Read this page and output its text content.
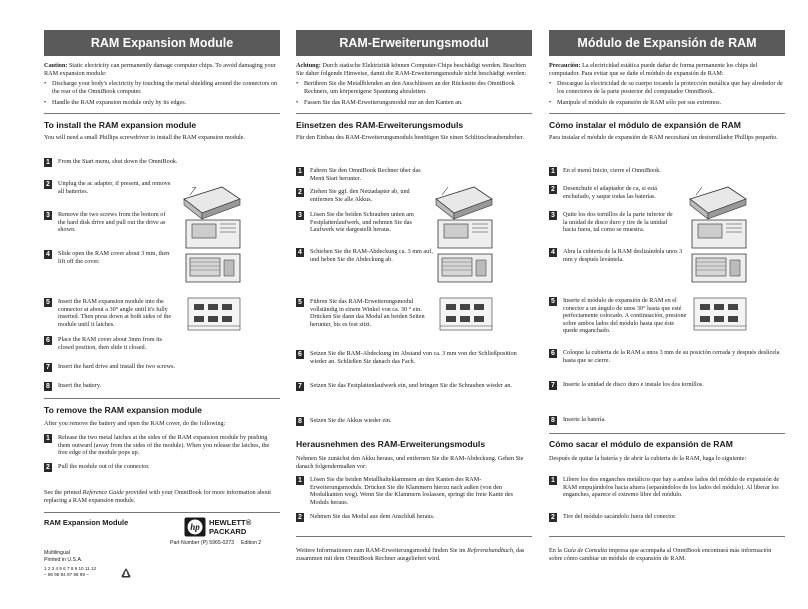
RAM Expansion Module
Caution: Static electricity can permanently damage computer chips. To avoid damaging your RAM expansion module:
• Discharge your body's electricity by touching the metal shielding around the connectors on the rear of the OmniBook computer.
• Handle the RAM expansion module only by its edges.
To install the RAM expansion module
You will need a small Phillips screwdriver to install the RAM expansion module.
1	From the Start menu, shut down the OmniBook.
2	Unplug the ac adapter, if present, and remove all batteries.
3	Remove the two screws from the bottom of the hard disk drive and pull out the drive as shown.
4	Slide open the RAM cover about 3 mm, then lift off the cover.
5	Insert the RAM expansion module into the connector at about a 30° angle until it's fully inserted. Then press down at both sides of the module until it latches.
6	Place the RAM cover about 3mm from its closed position, then slide it closed.
7	Insert the hard drive and install the two screws.
8	Insert the battery.
To remove the RAM expansion module
After you remove the battery and open the RAM cover, do the following:
1	Release the two metal latches at the sides of the RAM expansion module by pushing them outward (away from the sides of the module). When you release the latches, the free edge of the module pops up.
2	Pull the module out of the connector.
See the printed Reference Guide provided with your OmniBook for more information about replacing a RAM expansion module.
RAM-Erweiterungsmodul
Achtung: Durch statische Elektrizität können Computer-Chips beschädigt werden. Beachten Sie daher folgende Hinweise, damit die RAM-Erweiterungsmodule nicht beschädigt werden:
• Berühren Sie die Metallblenden an den Anschlüssen an der Rückseite des OmniBook Rechners, um körpereigene Spannung abzuleiten.
• Fassen Sie das RAM-Erweiterungsmodul nur an den Kanten an.
Einsetzen des RAM-Erweiterungsmoduls
Für den Einbau des RAM-Erweiterungsmoduls benötigen Sie einen Schlitzschraubendreher.
1	Fahren Sie den OmniBook Rechner über das Menü Start herunter.
2	Ziehen Sie ggf. den Netzadapter ab, und entfernen Sie alle Akkus.
3	Lösen Sie die beiden Schrauben unten am Festplattenlaufwerk, und nehmen Sie das Laufwerk wie dargestellt heraus.
4	Schieben Sie die RAM-Abdeckung ca. 3 mm auf, und heben Sie die Abdeckung ab.
5	Führen Sie das RAM-Erweiterungsmodul vollständig in einem Winkel von ca. 30 ° ein. Drücken Sie dann das Modul an beiden Seiten herunter, bis es fest sitzt.
6	Setzen Sie die RAM-Abdeckung im Abstand von ca. 3 mm von der Schließposition wieder an. Schließen Sie danach das Fach.
7	Setzen Sie das Festplattenlaufwerk ein, und bringen Sie die Schrauben wieder an.
8	Setzen Sie die Akkus wieder ein.
Herausnehmen des RAM-Erweiterungsmoduls
Nehmen Sie zunächst den Akku heraus, und entfernen Sie die RAM-Abdeckung. Gehen Sie danach folgendermaßen vor:
1	Lösen Sie die beiden Metallhalteklammern an den Kanten des RAM-Erweiterungsmoduls. Drücken Sie die Klammern hierzu nach außen (von den Modulkanten weg). Wenn Sie die Klammern loslassen, springt die freie Kante des Moduls heraus.
2	Nehmen Sie das Modul aus dem Anschluß heraus.
Weitere Informationen zum RAM-Erweiterungsmodul finden Sie im Referenzhandbuch, das zusammen mit dem OmniBook Rechner ausgeliefert wird.
Módulo de Expansión de RAM
Precaución: La electricidad estática puede dañar de forma permanente los chips del computador. Para evitar que se dañe el módulo de expansión de RAM:
• Descargue la electricidad de su cuerpo tocando la protección metálica que hay alrededor de los conectores de la parte posterior del computador OmniBook.
• Manipule el módulo de expansión de RAM sólo por sus extremos.
Cómo instalar el módulo de expansión de RAM
Para instalar el módulo de expansión de RAM necesitará un destornillador Phillips pequeño.
1	En el menú Inicio, cierre el OmniBook.
2	Desenchufe el adaptador de ca, si está enchufado, y saque todas las baterías.
3	Quite los dos tornillos de la parte inferior de la unidad de disco duro y tire de la unidad hacia fuera, tal como se muestra.
4	Abra la cubierta de la RAM deslizándola unos 3 mm y después levántela.
5	Inserte el módulo de expansión de RAM en el conector a un ángulo de unos 30° hasta que esté perfectamente colocado. A continuación, presione sobre ambos lados del módulo hasta que éste quede enganchado.
6	Coloque la cubierta de la RAM a unos 3 mm de su posición cerrada y después deslícela hasta que se cierre.
7	Inserte la unidad de disco duro e instale los dos tornillos.
8	Inserte la batería.
Cómo sacar el módulo de expansión de RAM
Después de quitar la batería y de abrir la cubierta de la RAM, haga lo siguiente:
1	Libere los dos enganches metálicos que hay a ambos lados del módulo de expansión de RAM empujándolos hacia afuera (separándolos de los lados del módulo). Al liberar los enganches, aparece el extremo libre del módulo.
2	Tire del módulo sacándolo fuera del conector.
En la Guía de Consulta impresa que acompaña al OmniBook encontrará más información sobre cómo cambiar un módulo de expansión de RAM.
RAM Expansion Module	hp HEWLETT®
PACKARD
Part Number (P) 5965-0273 Edition 2
Multilingual
Printed in U.S.A.
1 2 3 4 5 6 7 8 9 10 11 12
– 96 95 94 97 98 99 –
